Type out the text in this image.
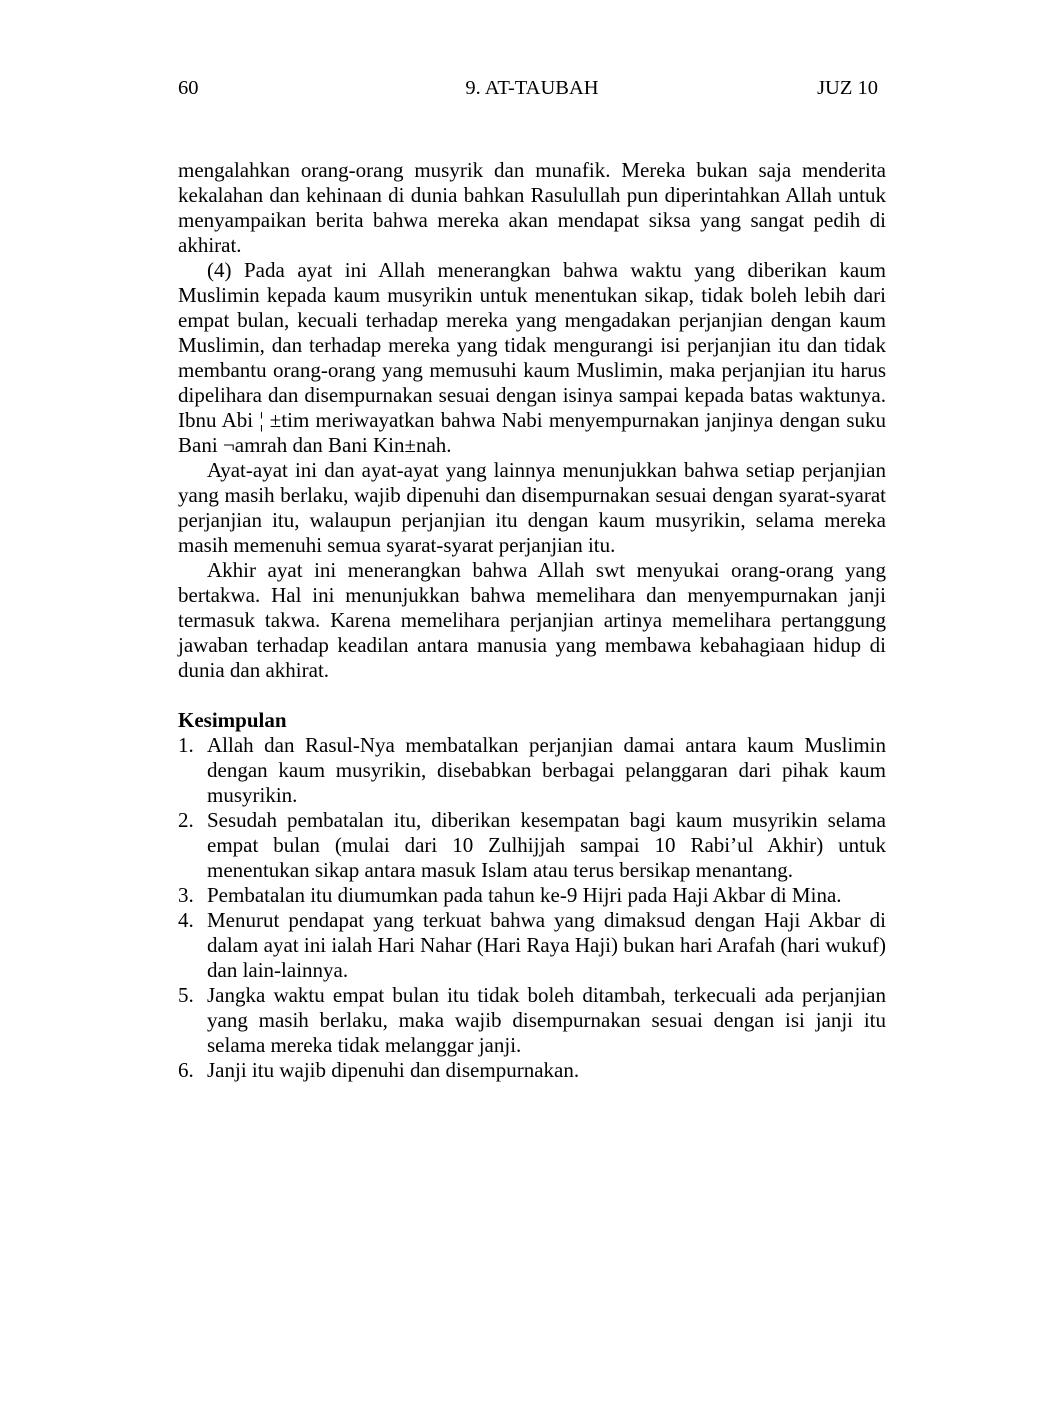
60	9. AT-TAUBAH	JUZ 10

mengalahkan orang-orang musyrik dan munafik. Mereka bukan saja menderita kekalahan dan kehinaan di dunia bahkan Rasulullah pun diperintahkan Allah untuk menyampaikan berita bahwa mereka akan mendapat siksa yang sangat pedih di akhirat.

(4) Pada ayat ini Allah menerangkan bahwa waktu yang diberikan kaum Muslimin kepada kaum musyrikin untuk menentukan sikap, tidak boleh lebih dari empat bulan, kecuali terhadap mereka yang mengadakan perjanjian dengan kaum Muslimin, dan terhadap mereka yang tidak mengurangi isi perjanjian itu dan tidak membantu orang-orang yang memusuhi kaum Muslimin, maka perjanjian itu harus dipelihara dan disempurnakan sesuai dengan isinya sampai kepada batas waktunya. Ibnu Abi ¦ ±tim meriwayatkan bahwa Nabi menyempurnakan janjinya dengan suku Bani ¬amrah dan Bani Kin±nah.

Ayat-ayat ini dan ayat-ayat yang lainnya menunjukkan bahwa setiap perjanjian yang masih berlaku, wajib dipenuhi dan disempurnakan sesuai dengan syarat-syarat perjanjian itu, walaupun perjanjian itu dengan kaum musyrikin, selama mereka masih memenuhi semua syarat-syarat perjanjian itu.

Akhir ayat ini menerangkan bahwa Allah swt menyukai orang-orang yang bertakwa. Hal ini menunjukkan bahwa memelihara dan menyempurnakan janji termasuk takwa. Karena memelihara perjanjian artinya memelihara pertanggung jawaban terhadap keadilan antara manusia yang membawa kebahagiaan hidup di dunia dan akhirat.

Kesimpulan
1. Allah dan Rasul-Nya membatalkan perjanjian damai antara kaum Muslimin dengan kaum musyrikin, disebabkan berbagai pelanggaran dari pihak kaum musyrikin.
2. Sesudah pembatalan itu, diberikan kesempatan bagi kaum musyrikin selama empat bulan (mulai dari 10 Zulhijjah sampai 10 Rabi’ul Akhir) untuk menentukan sikap antara masuk Islam atau terus bersikap menantang.
3. Pembatalan itu diumumkan pada tahun ke-9 Hijri pada Haji Akbar di Mina.
4. Menurut pendapat yang terkuat bahwa yang dimaksud dengan Haji Akbar di dalam ayat ini ialah Hari Nahar (Hari Raya Haji) bukan hari Arafah (hari wukuf) dan lain-lainnya.
5. Jangka waktu empat bulan itu tidak boleh ditambah, terkecuali ada perjanjian yang masih berlaku, maka wajib disempurnakan sesuai dengan isi janji itu selama mereka tidak melanggar janji.
6. Janji itu wajib dipenuhi dan disempurnakan.
